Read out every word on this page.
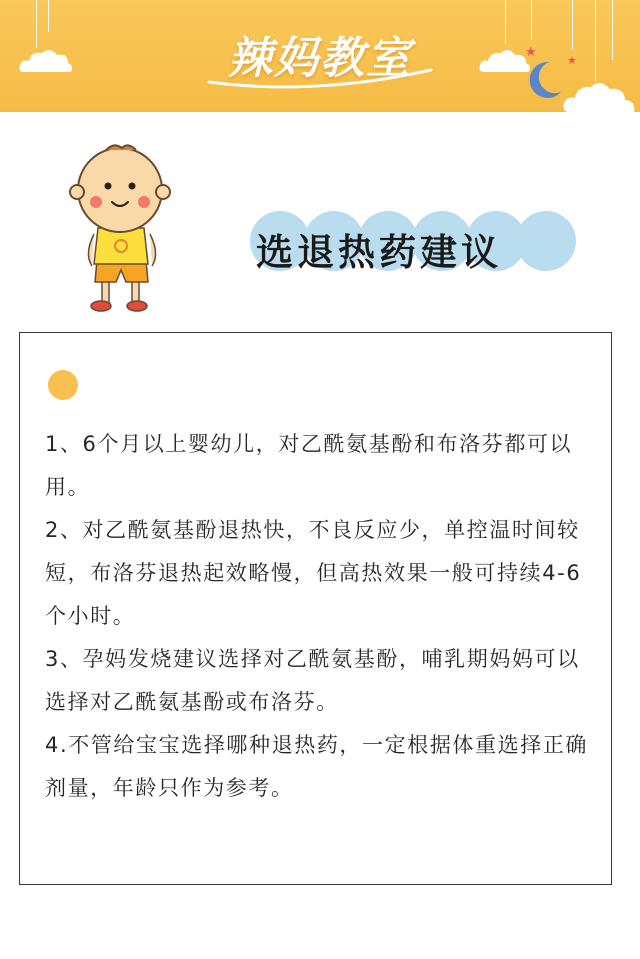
★
★
辣妈教室
选退热药建议

1、6个月以上婴幼儿，对乙酰氨基酚和布洛芬都可以用。

2、对乙酰氨基酚退热快，不良反应少，单控温时间较短，布洛芬退热起效略慢，但高热效果一般可持续4-6个小时。

3、孕妈发烧建议选择对乙酰氨基酚，哺乳期妈妈可以选择对乙酰氨基酚或布洛芬。

4.不管给宝宝选择哪种退热药，一定根据体重选择正确剂量，年龄只作为参考。
